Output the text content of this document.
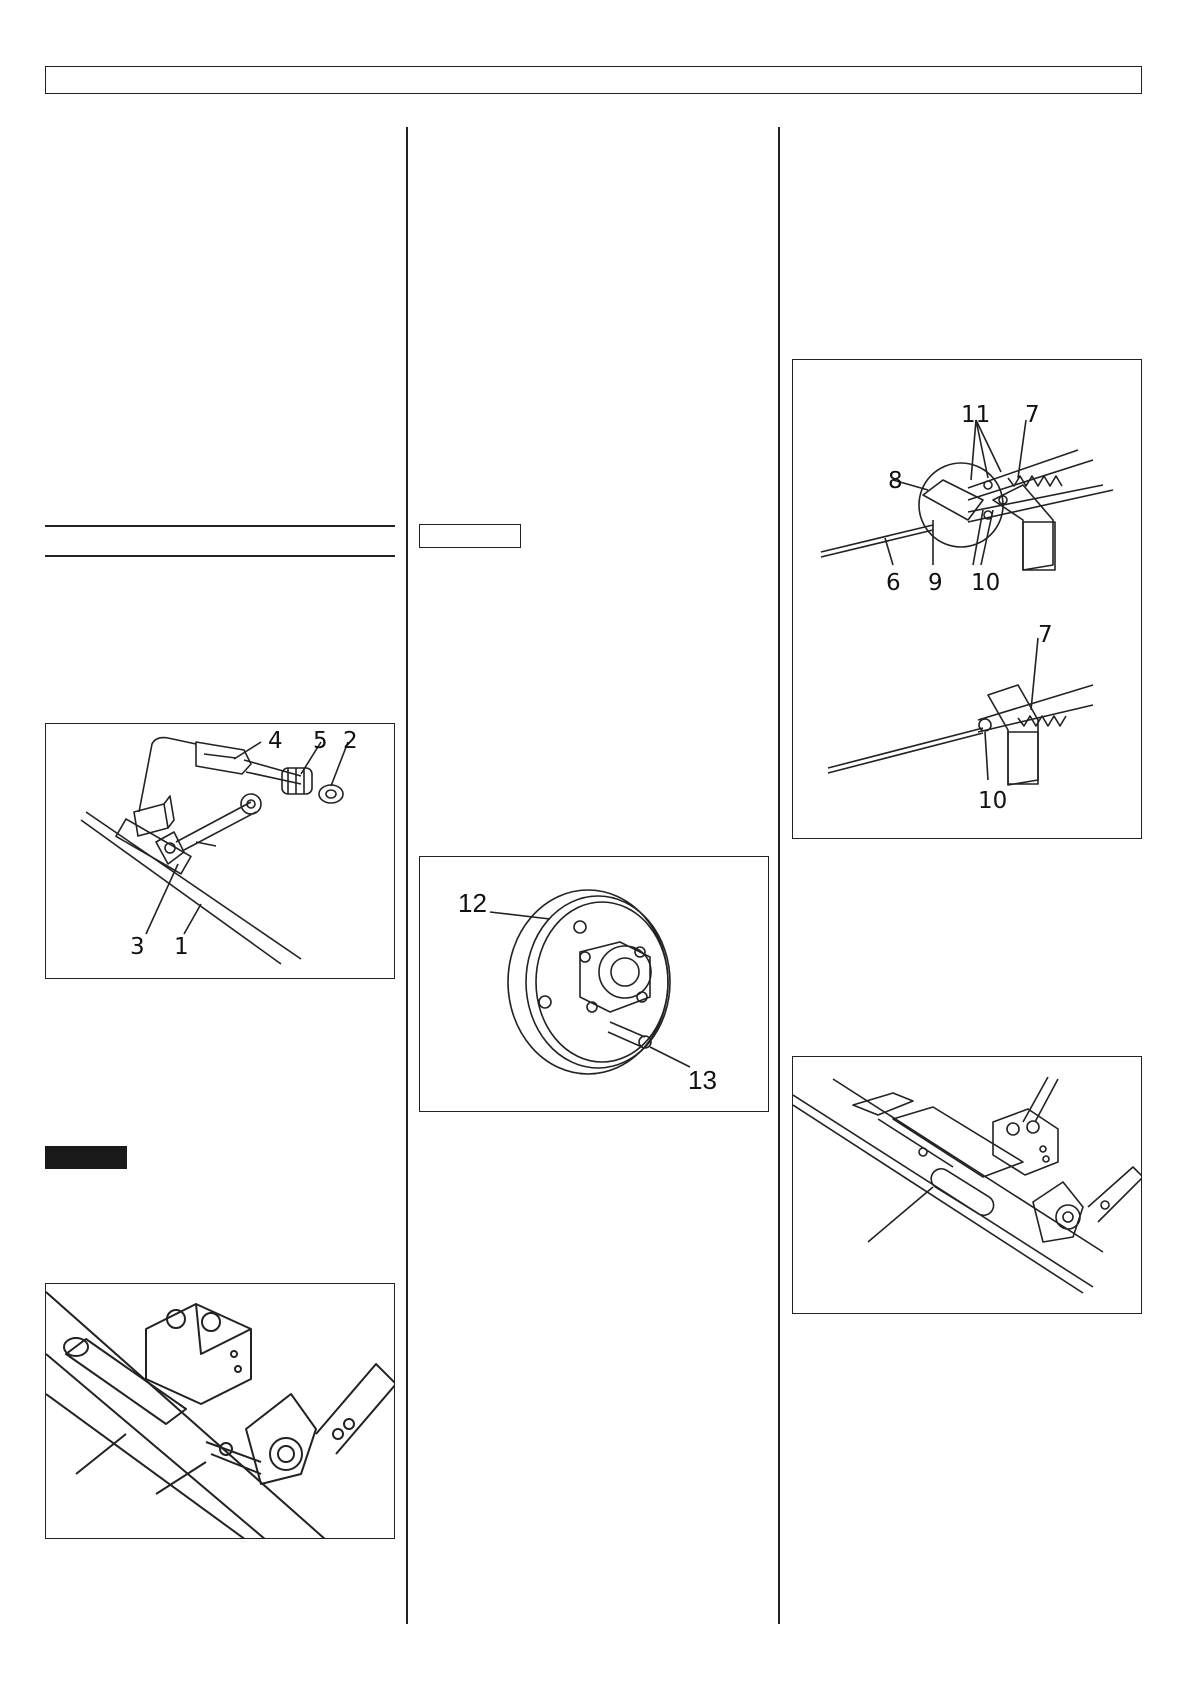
4 5 2
3 1
12
13
11 7
8
6 9 10
7
10
